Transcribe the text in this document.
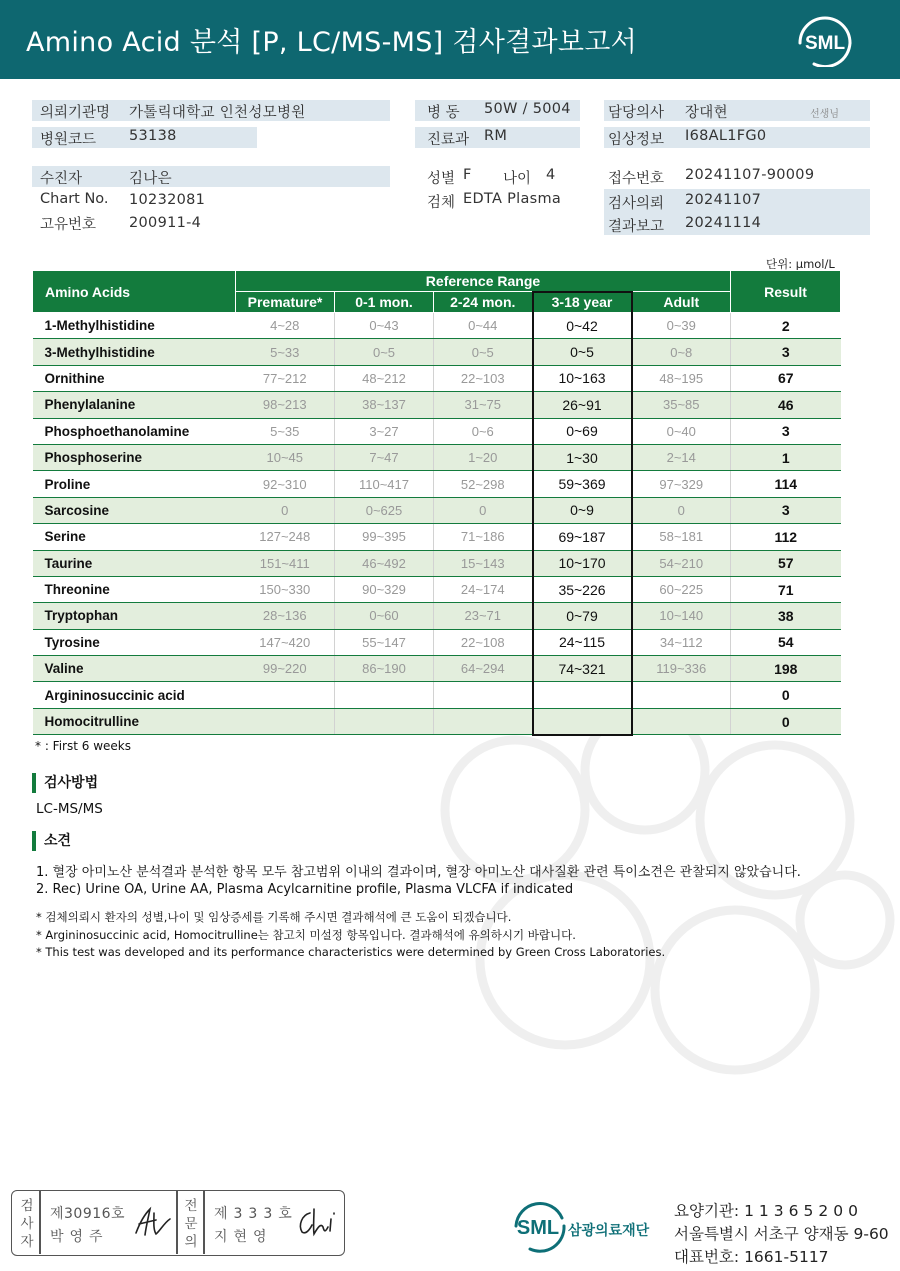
Amino Acid 분석 [P, LC/MS-MS] 검사결과보고서	SML
의뢰기관명 가톨릭대학교 인천성모병원
병원코드 53138
병 동 50W / 5004
진료과 RM
담당의사 장대현	선생님
임상정보 I68AL1FG0
수진자	김나은
Chart No. 10232081
고유번호 200911-4
성별 F 나이 4
검체 EDTA Plasma
접수번호 20241107-90009
검사의뢰 20241107
결과보고 20241114
단위: μmol/L
Amino Acids	Reference Range					Result
	Premature*	0-1 mon.	2-24 mon.	3-18 year	Adult	
1-Methylhistidine	4~28	0~43	0~44	0~42	0~39	2
3-Methylhistidine	5~33	0~5	0~5	0~5	0~8	3
Ornithine	77~212	48~212	22~103	10~163	48~195	67
Phenylalanine	98~213	38~137	31~75	26~91	35~85	46
Phosphoethanolamine	5~35	3~27	0~6	0~69	0~40	3
Phosphoserine	10~45	7~47	1~20	1~30	2~14	1
Proline	92~310	110~417	52~298	59~369	97~329	114
Sarcosine	0	0~625	0	0~9	0	3
Serine	127~248	99~395	71~186	69~187	58~181	112
Taurine	151~411	46~492	15~143	10~170	54~210	57
Threonine	150~330	90~329	24~174	35~226	60~225	71
Tryptophan	28~136	0~60	23~71	0~79	10~140	38
Tyrosine	147~420	55~147	22~108	24~115	34~112	54
Valine	99~220	86~190	64~294	74~321	119~336	198
Argininosuccinic acid						0
Homocitrulline						0
* : First 6 weeks
검사방법
LC-MS/MS
소견
1. 혈장 아미노산 분석결과 분석한 항목 모두 참고범위 이내의 결과이며, 혈장 아미노산 대사질환 관련 특이소견은 관찰되지 않았습니다.
2. Rec) Urine OA, Urine AA, Plasma Acylcarnitine profile, Plasma VLCFA if indicated
* 검체의뢰시 환자의 성별,나이 및 임상증세를 기록해 주시면 결과해석에 큰 도움이 되겠습니다.
* Argininosuccinic acid, Homocitrulline는 참고치 미설정 항목입니다. 결과해석에 유의하시기 바랍니다.
* This test was developed and its performance characteristics were determined by Green Cross Laboratories.
검사자
제30916호
박영주
전문의
제333호
지현영	SML 삼광의료재단
요양기관: 11365200
서울특별시 서초구 양재동 9-60
대표번호: 1661-5117
